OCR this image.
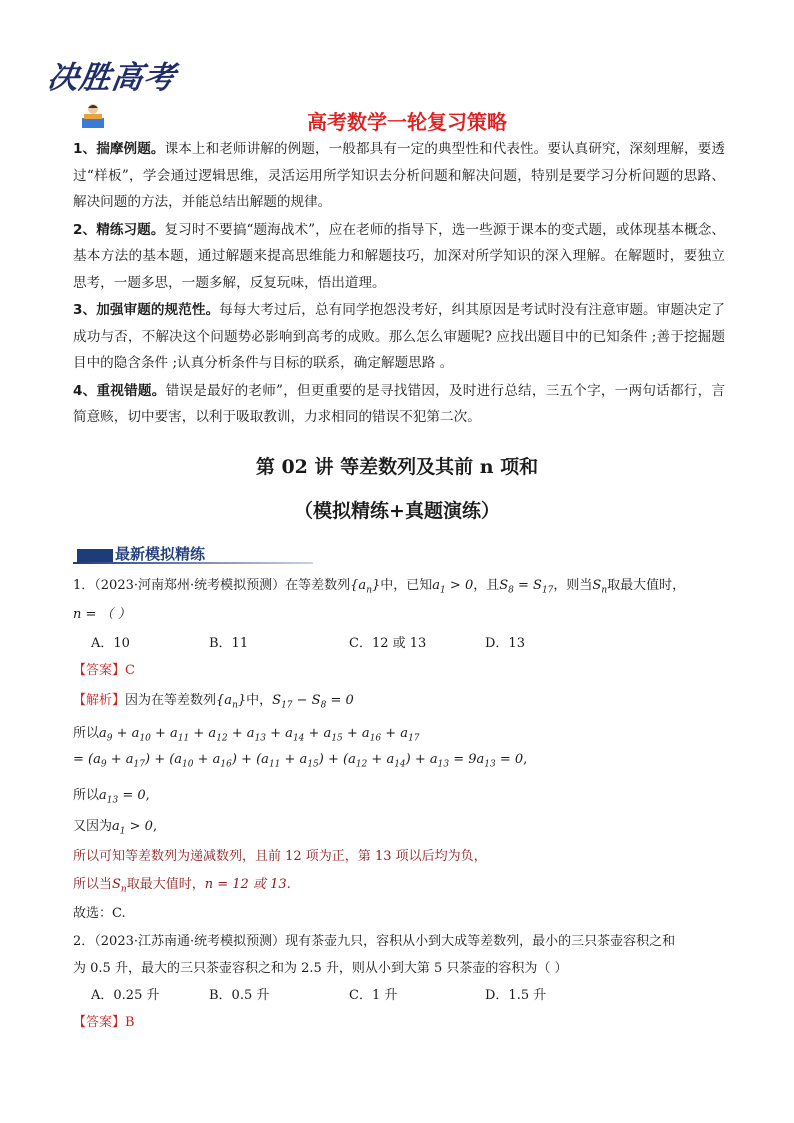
决胜高考
高考数学一轮复习策略

1、揣摩例题。课本上和老师讲解的例题，一般都具有一定的典型性和代表性。要认真研究，深刻理解，要透过“样板”，学会通过逻辑思维，灵活运用所学知识去分析问题和解决问题，特别是要学习分析问题的思路、解决问题的方法，并能总结出解题的规律。

2、精练习题。复习时不要搞“题海战术”，应在老师的指导下，选一些源于课本的变式题，或体现基本概念、基本方法的基本题，通过解题来提高思维能力和解题技巧，加深对所学知识的深入理解。在解题时，要独立思考，一题多思，一题多解，反复玩味，悟出道理。

3、加强审题的规范性。每每大考过后，总有同学抱怨没考好，纠其原因是考试时没有注意审题。审题决定了成功与否，不解决这个问题势必影响到高考的成败。那么怎么审题呢? 应找出题目中的已知条件 ;善于挖掘题目中的隐含条件 ;认真分析条件与目标的联系，确定解题思路 。

4、重视错题。错误是最好的老师”，但更重要的是寻找错因，及时进行总结，三五个字，一两句话都行，言简意赅，切中要害，以利于吸取教训，力求相同的错误不犯第二次。

第 02 讲 等差数列及其前 n 项和
（模拟精练+真题演练）
最新模拟精练
1．（2023·河南郑州·统考模拟预测）在等差数列$\{a_n\}$中，已知$a_1 > 0$，且$S_8 = S_{17}$，则当$S_n$取最大值时，
n = （ ）
A．10	B．11	C．12 或 13	D．13
【答案】C
【解析】因为在等差数列$\{a_n\}$中，$S_{17} - S_8 = 0$
所以$a_9 + a_{10} + a_{11} + a_{12} + a_{13} + a_{14} + a_{15} + a_{16} + a_{17}$
= $(a_9 + a_{17}) + (a_{10} + a_{16}) + (a_{11} + a_{15}) + (a_{12} + a_{14}) + a_{13} = 9a_{13} = 0$,
所以$a_{13} = 0$,
又因为$a_1 > 0$,
所以可知等差数列为递减数列，且前 12 项为正，第 13 项以后均为负，
所以当$S_n$取最大值时，n = 12 或 13.
故选：C.
2．（2023·江苏南通·统考模拟预测）现有茶壶九只，容积从小到大成等差数列，最小的三只茶壶容积之和
为 0.5 升，最大的三只茶壶容积之和为 2.5 升，则从小到大第 5 只茶壶的容积为（ ）
A．0.25 升	B．0.5 升	C．1 升	D．1.5 升
【答案】B
